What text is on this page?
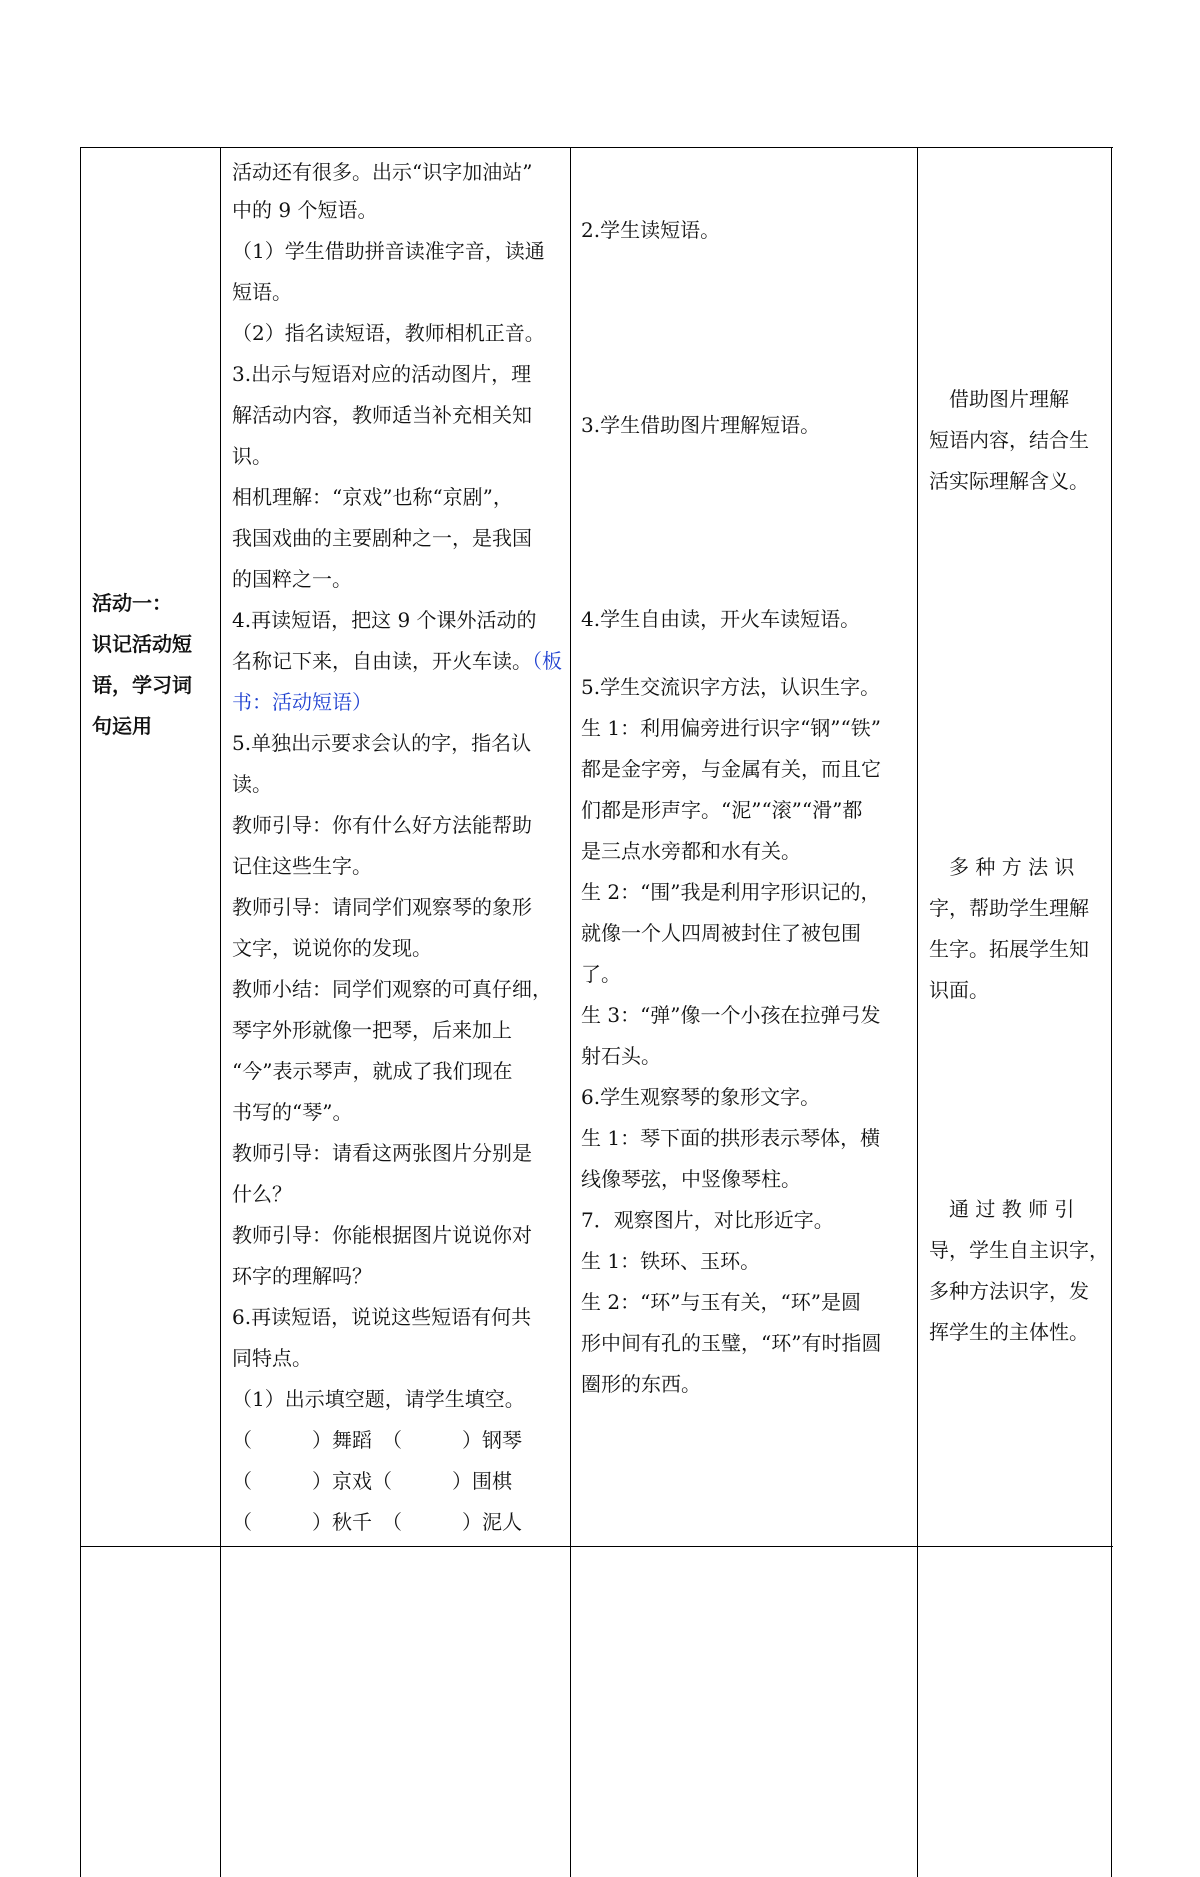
活动一：
识记活动短
语，学习词
句运用
活动还有很多。出示“识字加油站”
中的 9 个短语。
（1）学生借助拼音读准字音，读通
短语。
（2）指名读短语，教师相机正音。
3.出示与短语对应的活动图片，理
解活动内容，教师适当补充相关知
识。
相机理解：“京戏”也称“京剧”，
我国戏曲的主要剧种之一，是我国
的国粹之一。
4.再读短语，把这 9 个课外活动的
名称记下来，自由读，开火车读。（板
书：活动短语）
5.单独出示要求会认的字，指名认
读。
教师引导：你有什么好方法能帮助
记住这些生字。
教师引导：请同学们观察琴的象形
文字，说说你的发现。
教师小结：同学们观察的可真仔细，
琴字外形就像一把琴，后来加上
“今”表示琴声，就成了我们现在
书写的“琴”。
教师引导：请看这两张图片分别是
什么？
教师引导：你能根据图片说说你对
环字的理解吗？
6.再读短语，说说这些短语有何共
同特点。
（1）出示填空题，请学生填空。
（　　　）舞蹈　（　　　）钢琴
（　　　）京戏（　　　）围棋
（　　　）秋千　（　　　）泥人
2.学生读短语。
3.学生借助图片理解短语。
4.学生自由读，开火车读短语。
5.学生交流识字方法，认识生字。
生 1：利用偏旁进行识字“钢”“铁”
都是金字旁，与金属有关，而且它
们都是形声字。“泥”“滚”“滑”都
是三点水旁都和水有关。
生 2：“围”我是利用字形识记的，
就像一个人四周被封住了被包围
了。
生 3：“弹”像一个小孩在拉弹弓发
射石头。
6.学生观察琴的象形文字。
生 1：琴下面的拱形表示琴体，横
线像琴弦，中竖像琴柱。
7．观察图片，对比形近字。
生 1：铁环、玉环。
生 2：“环”与玉有关，“环”是圆
形中间有孔的玉璧，“环”有时指圆
圈形的东西。
　借助图片理解
短语内容，结合生
活实际理解含义。
　多 种 方 法 识
字，帮助学生理解
生字。拓展学生知
识面。
　通 过 教 师 引
导，学生自主识字，
多种方法识字，发
挥学生的主体性。
